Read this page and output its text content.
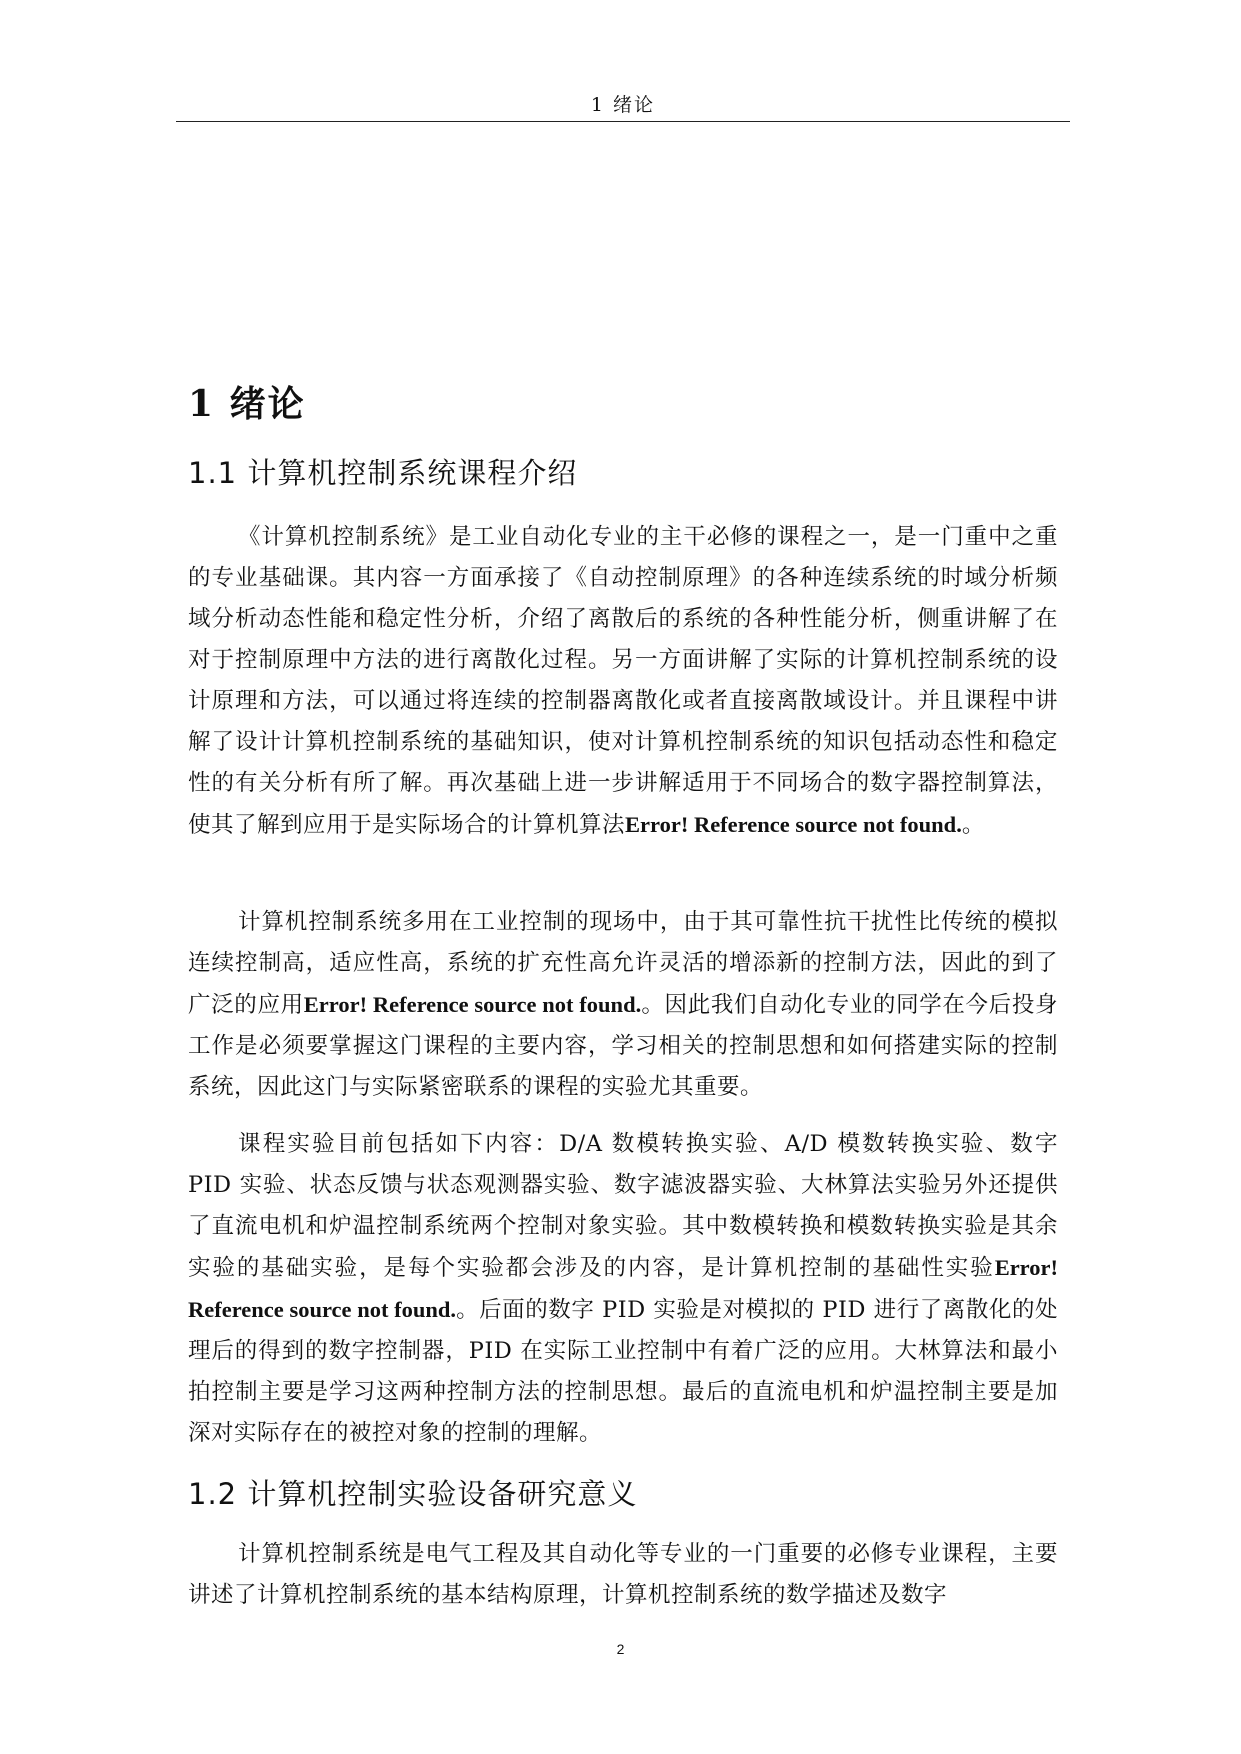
1 绪论
1 绪论
1.1 计算机控制系统课程介绍

《计算机控制系统》是工业自动化专业的主干必修的课程之一，是一门重中之重的专业基础课。其内容一方面承接了《自动控制原理》的各种连续系统的时域分析频域分析动态性能和稳定性分析，介绍了离散后的系统的各种性能分析，侧重讲解了在对于控制原理中方法的进行离散化过程。另一方面讲解了实际的计算机控制系统的设计原理和方法，可以通过将连续的控制器离散化或者直接离散域设计。并且课程中讲解了设计计算机控制系统的基础知识，使对计算机控制系统的知识包括动态性和稳定性的有关分析有所了解。再次基础上进一步讲解适用于不同场合的数字器控制算法，使其了解到应用于是实际场合的计算机算法Error! Reference source not found.。

计算机控制系统多用在工业控制的现场中，由于其可靠性抗干扰性比传统的模拟连续控制高，适应性高，系统的扩充性高允许灵活的增添新的控制方法，因此的到了广泛的应用Error! Reference source not found.。因此我们自动化专业的同学在今后投身工作是必须要掌握这门课程的主要内容，学习相关的控制思想和如何搭建实际的控制系统，因此这门与实际紧密联系的课程的实验尤其重要。

课程实验目前包括如下内容：D/A 数模转换实验、A/D 模数转换实验、数字 PID 实验、状态反馈与状态观测器实验、数字滤波器实验、大林算法实验另外还提供了直流电机和炉温控制系统两个控制对象实验。其中数模转换和模数转换实验是其余实验的基础实验，是每个实验都会涉及的内容，是计算机控制的基础性实验Error! Reference source not found.。后面的数字 PID 实验是对模拟的 PID 进行了离散化的处理后的得到的数字控制器，PID 在实际工业控制中有着广泛的应用。大林算法和最小拍控制主要是学习这两种控制方法的控制思想。最后的直流电机和炉温控制主要是加深对实际存在的被控对象的控制的理解。

1.2 计算机控制实验设备研究意义

计算机控制系统是电气工程及其自动化等专业的一门重要的必修专业课程，主要讲述了计算机控制系统的基本结构原理，计算机控制系统的数学描述及数字

2
